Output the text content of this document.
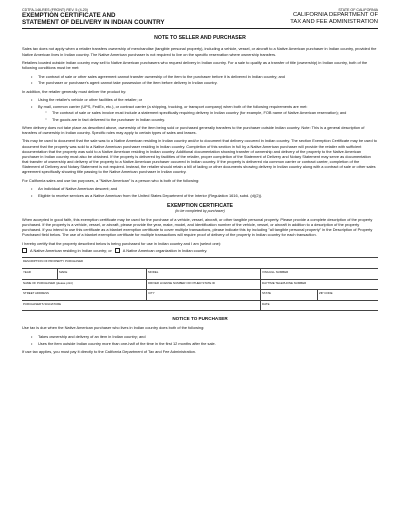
CDTFA-146-RES (FRONT) REV. 5 (4-20)
EXEMPTION CERTIFICATE AND
STATEMENT OF DELIVERY IN INDIAN COUNTRY
STATE OF CALIFORNIA
CALIFORNIA DEPARTMENT OF
TAX AND FEE ADMINISTRATION
NOTE TO SELLER AND PURCHASER

Sales tax does not apply when a retailer transfers ownership of merchandise (tangible personal property), including a vehicle, vessel, or aircraft to a Native American purchaser in Indian country, provided the Native American lives in Indian country. The Native American purchaser is not required to live on the specific reservation where ownership transfers.

Retailers located outside Indian country may sell to Native American purchasers who request delivery in Indian country. For a sale to qualify as a transfer of title (ownership) in Indian country, both of the following conditions must be met:

• The contract of sale or other sales agreement cannot transfer ownership of the item to the purchaser before it is delivered in Indian country; and
• The purchaser or purchaser's agent cannot take possession of the item before delivery in Indian country.

In addition, the retailer generally must deliver the product by:

• Using the retailer's vehicle or other facilities of the retailer; or
• By mail, common carrier (UPS, FedEx, etc.), or contract carrier (a shipping, trucking, or transport company) when both of the following requirements are met:
○ The contract of sale or sales invoice must include a statement specifically requiring delivery in Indian country (for example, FOB name of Native American reservation); and
○ The goods are in fact delivered to the purchaser in Indian country.

When delivery does not take place as described above, ownership of the item being sold or purchased generally transfers to the purchaser outside Indian country. Note: This is a general description of transfers of ownership in Indian country. Specific rules may apply to certain types of sales and leases.

This may be used to document that the sale was to a Native American residing in Indian country and/or to document that delivery occurred in Indian country. The section Exemption Certificate may be used to document that the property was sold to a Native American purchaser residing in Indian country. Completion of this section in full by a Native American purchaser will provide the retailer with sufficient documentation that the property was sold to a Native American residing in Indian country. Additional documentation showing transfer of ownership and delivery of the property to the Native American purchaser in Indian country must also be obtained. If the property is delivered by facilities of the retailer, proper completion of the Statement of Delivery and Notary Statement may serve as documentation that transfer of ownership and delivery of the property to a Native American purchaser occurred in Indian country. If the property is delivered via common carrier or contract carrier, completion of the Statement of Delivery and Notary Statement is not required. Instead, the retailer should retain a bill of lading or other documents showing delivery in Indian country along with a contract of sale or other sales agreement specifically showing title passing to the Native American purchaser in Indian country.

For California sales and use tax purposes, a "Native American" is a person who is both of the following:

• An individual of Native American descent; and
• Eligible to receive services as a Native American from the United States Department of the Interior (Regulation 1616, subd. (d)(2)).
EXEMPTION CERTIFICATE
(to be completed by purchaser)

When accepted in good faith, this exemption certificate may be used for the purchase of a vehicle, vessel, aircraft, or other tangible personal property. Please provide a complete description of the property purchased. If the property is a vehicle, vessel, or aircraft, please provide the year, make, model, and identification number of the vehicle, vessel, or aircraft in addition to a description of the property purchased. If you intend to use this certificate as a blanket exemption certificate to cover multiple transactions, please indicate this by including "all tangible personal property" in the Description of Property Purchased field below. The use of a blanket exemption certificate for multiple transactions will require proof of delivery of the property in Indian country for each transaction.

I hereby certify that the property described below is being purchased for use in Indian country and I am (select one):

A Native American residing in Indian country; or	A Native American organization in Indian country.
DESCRIPTION OF PROPERTY PURCHASED				
YEAR	MAKE	MODEL	VIN/HULL NUMBER	
NAME OF PURCHASER (please print)		DRIVER LICENSE NUMBER OR OTHER STATE ID	DAYTIME TELEPHONE NUMBER	
STREET ADDRESS		CITY	STATE	ZIP CODE
PURCHASER'S SIGNATURE			DATE	
NOTICE TO PURCHASER

Use tax is due when the Native American purchaser who lives in Indian country does both of the following:

• Takes ownership and delivery of an item in Indian country; and
• Uses the item outside Indian country more than one-half of the time in the first 12 months after the sale.

If use tax applies, you must pay it directly to the California Department of Tax and Fee Administration.
